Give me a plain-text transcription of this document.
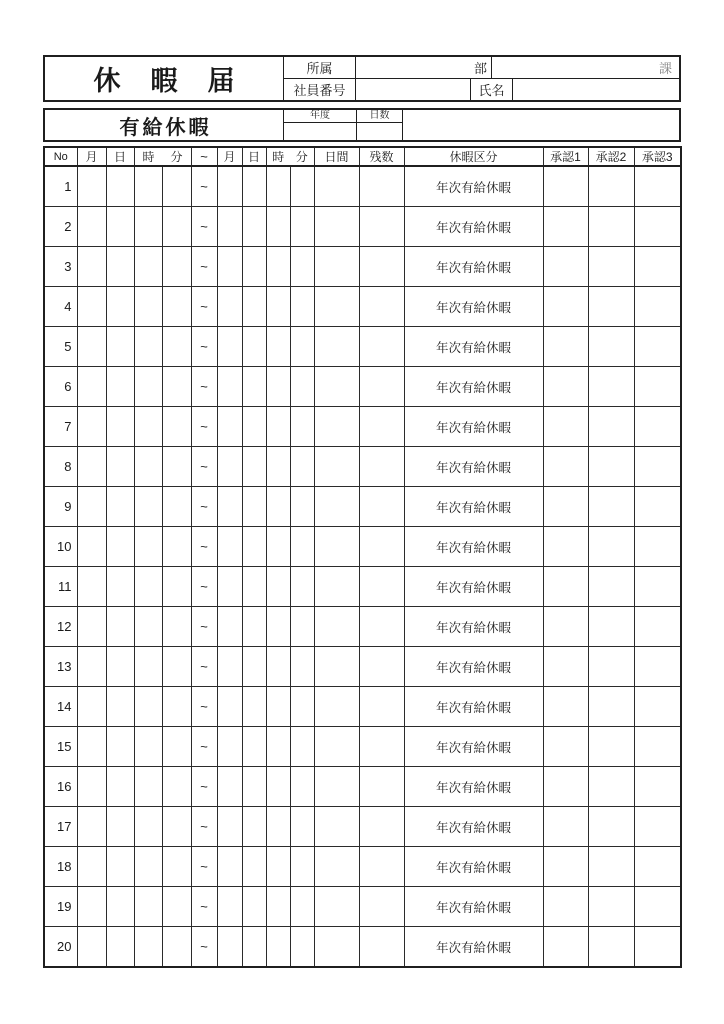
休暇届	所属	部	課
社員番号	氏名
有給休暇
年度	日数
No	月	日	時 分		~	月	日	時 分		日間	残数	休暇区分	承認1	承認2	承認3
1					~							年次有給休暇			
2					~							年次有給休暇			
3					~							年次有給休暇			
4					~							年次有給休暇			
5					~							年次有給休暇			
6					~							年次有給休暇			
7					~							年次有給休暇			
8					~							年次有給休暇			
9					~							年次有給休暇			
10					~							年次有給休暇			
11					~							年次有給休暇			
12					~							年次有給休暇			
13					~							年次有給休暇			
14					~							年次有給休暇			
15					~							年次有給休暇			
16					~							年次有給休暇			
17					~							年次有給休暇			
18					~							年次有給休暇			
19					~							年次有給休暇			
20					~							年次有給休暇			
